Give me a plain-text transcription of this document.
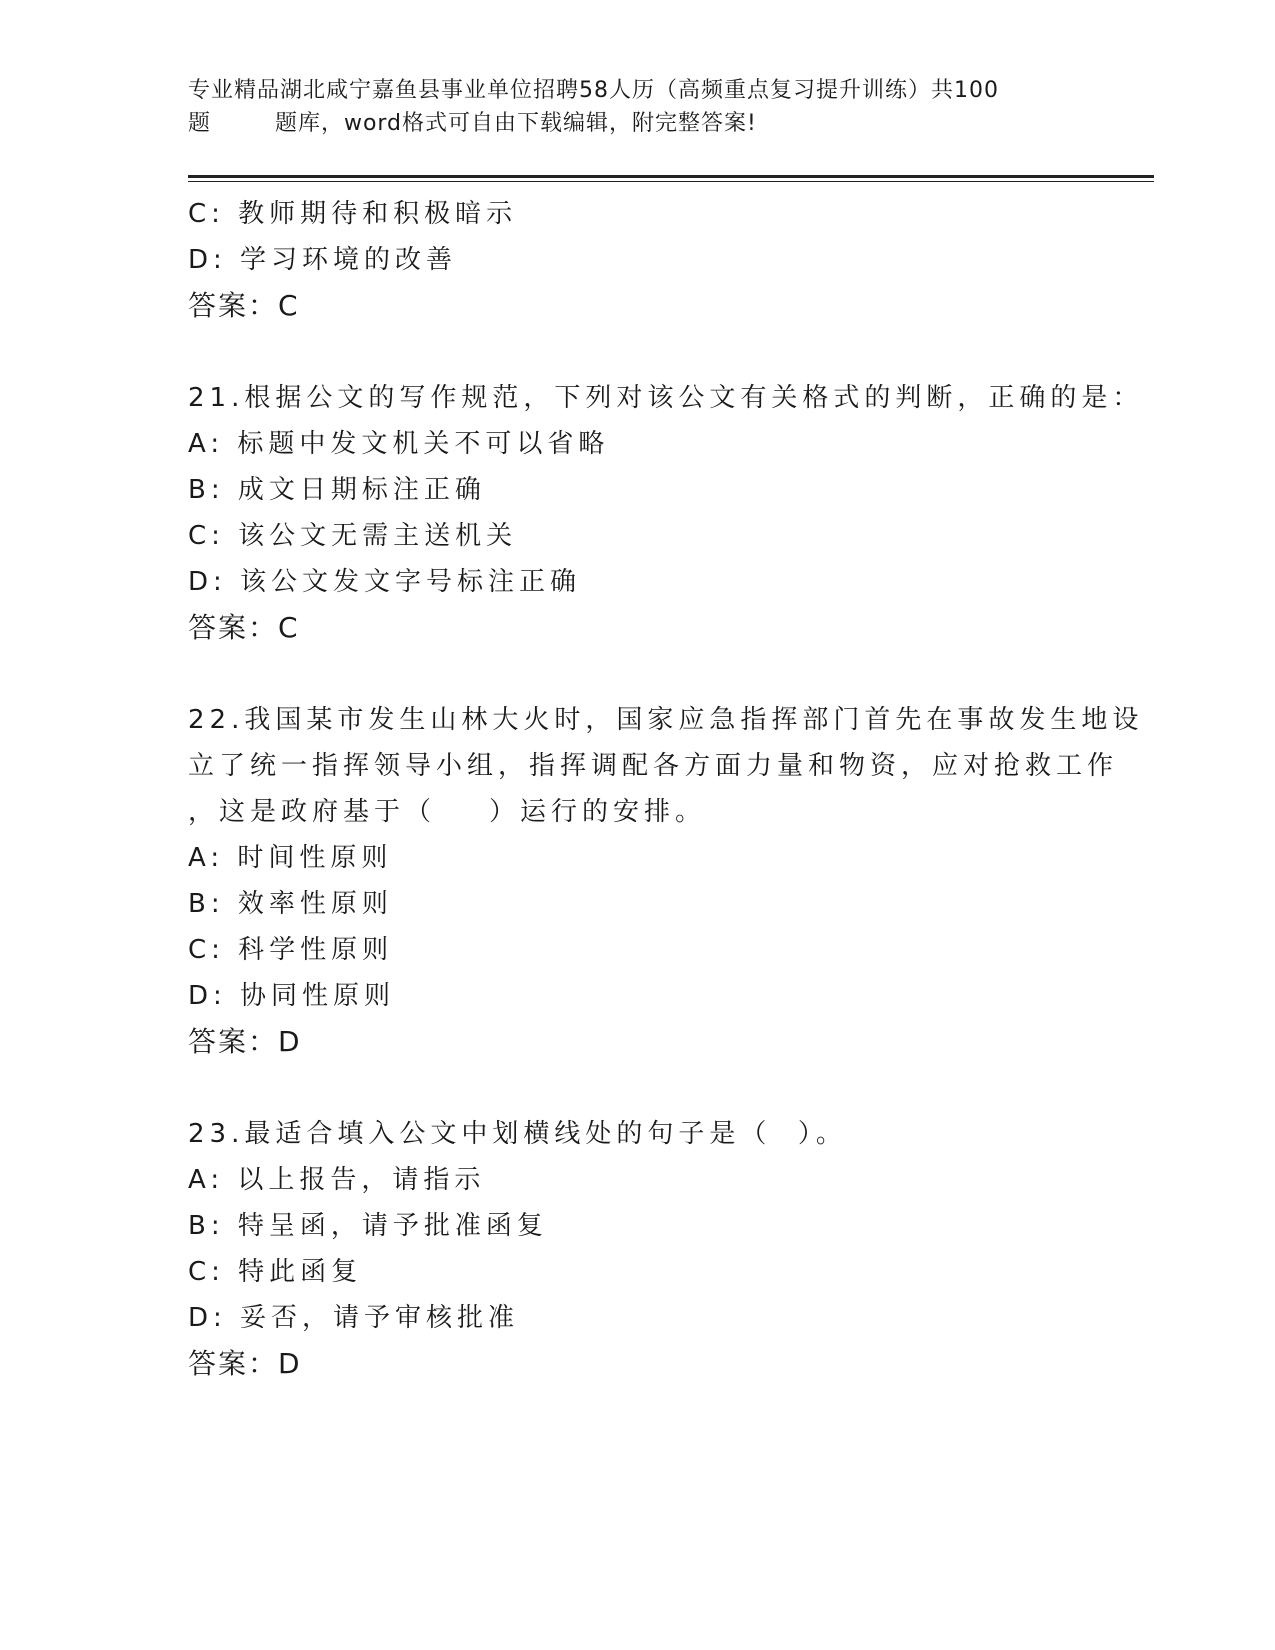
专业精品湖北咸宁嘉鱼县事业单位招聘58人历（高频重点复习提升训练）共100
题        题库，word格式可自由下载编辑，附完整答案!
C: 教师期待和积极暗示
D: 学习环境的改善
答案：C
21.根据公文的写作规范，下列对该公文有关格式的判断，正确的是：
A: 标题中发文机关不可以省略
B: 成文日期标注正确
C: 该公文无需主送机关
D: 该公文发文字号标注正确
答案：C
22.我国某市发生山林大火时，国家应急指挥部门首先在事故发生地设
立了统一指挥领导小组，指挥调配各方面力量和物资，应对抢救工作
，这是政府基于（    ）运行的安排。
A: 时间性原则
B: 效率性原则
C: 科学性原则
D: 协同性原则
答案：D
23.最适合填入公文中划横线处的句子是（  ）。
A: 以上报告，请指示
B: 特呈函，请予批准函复
C: 特此函复
D: 妥否，请予审核批准
答案：D
